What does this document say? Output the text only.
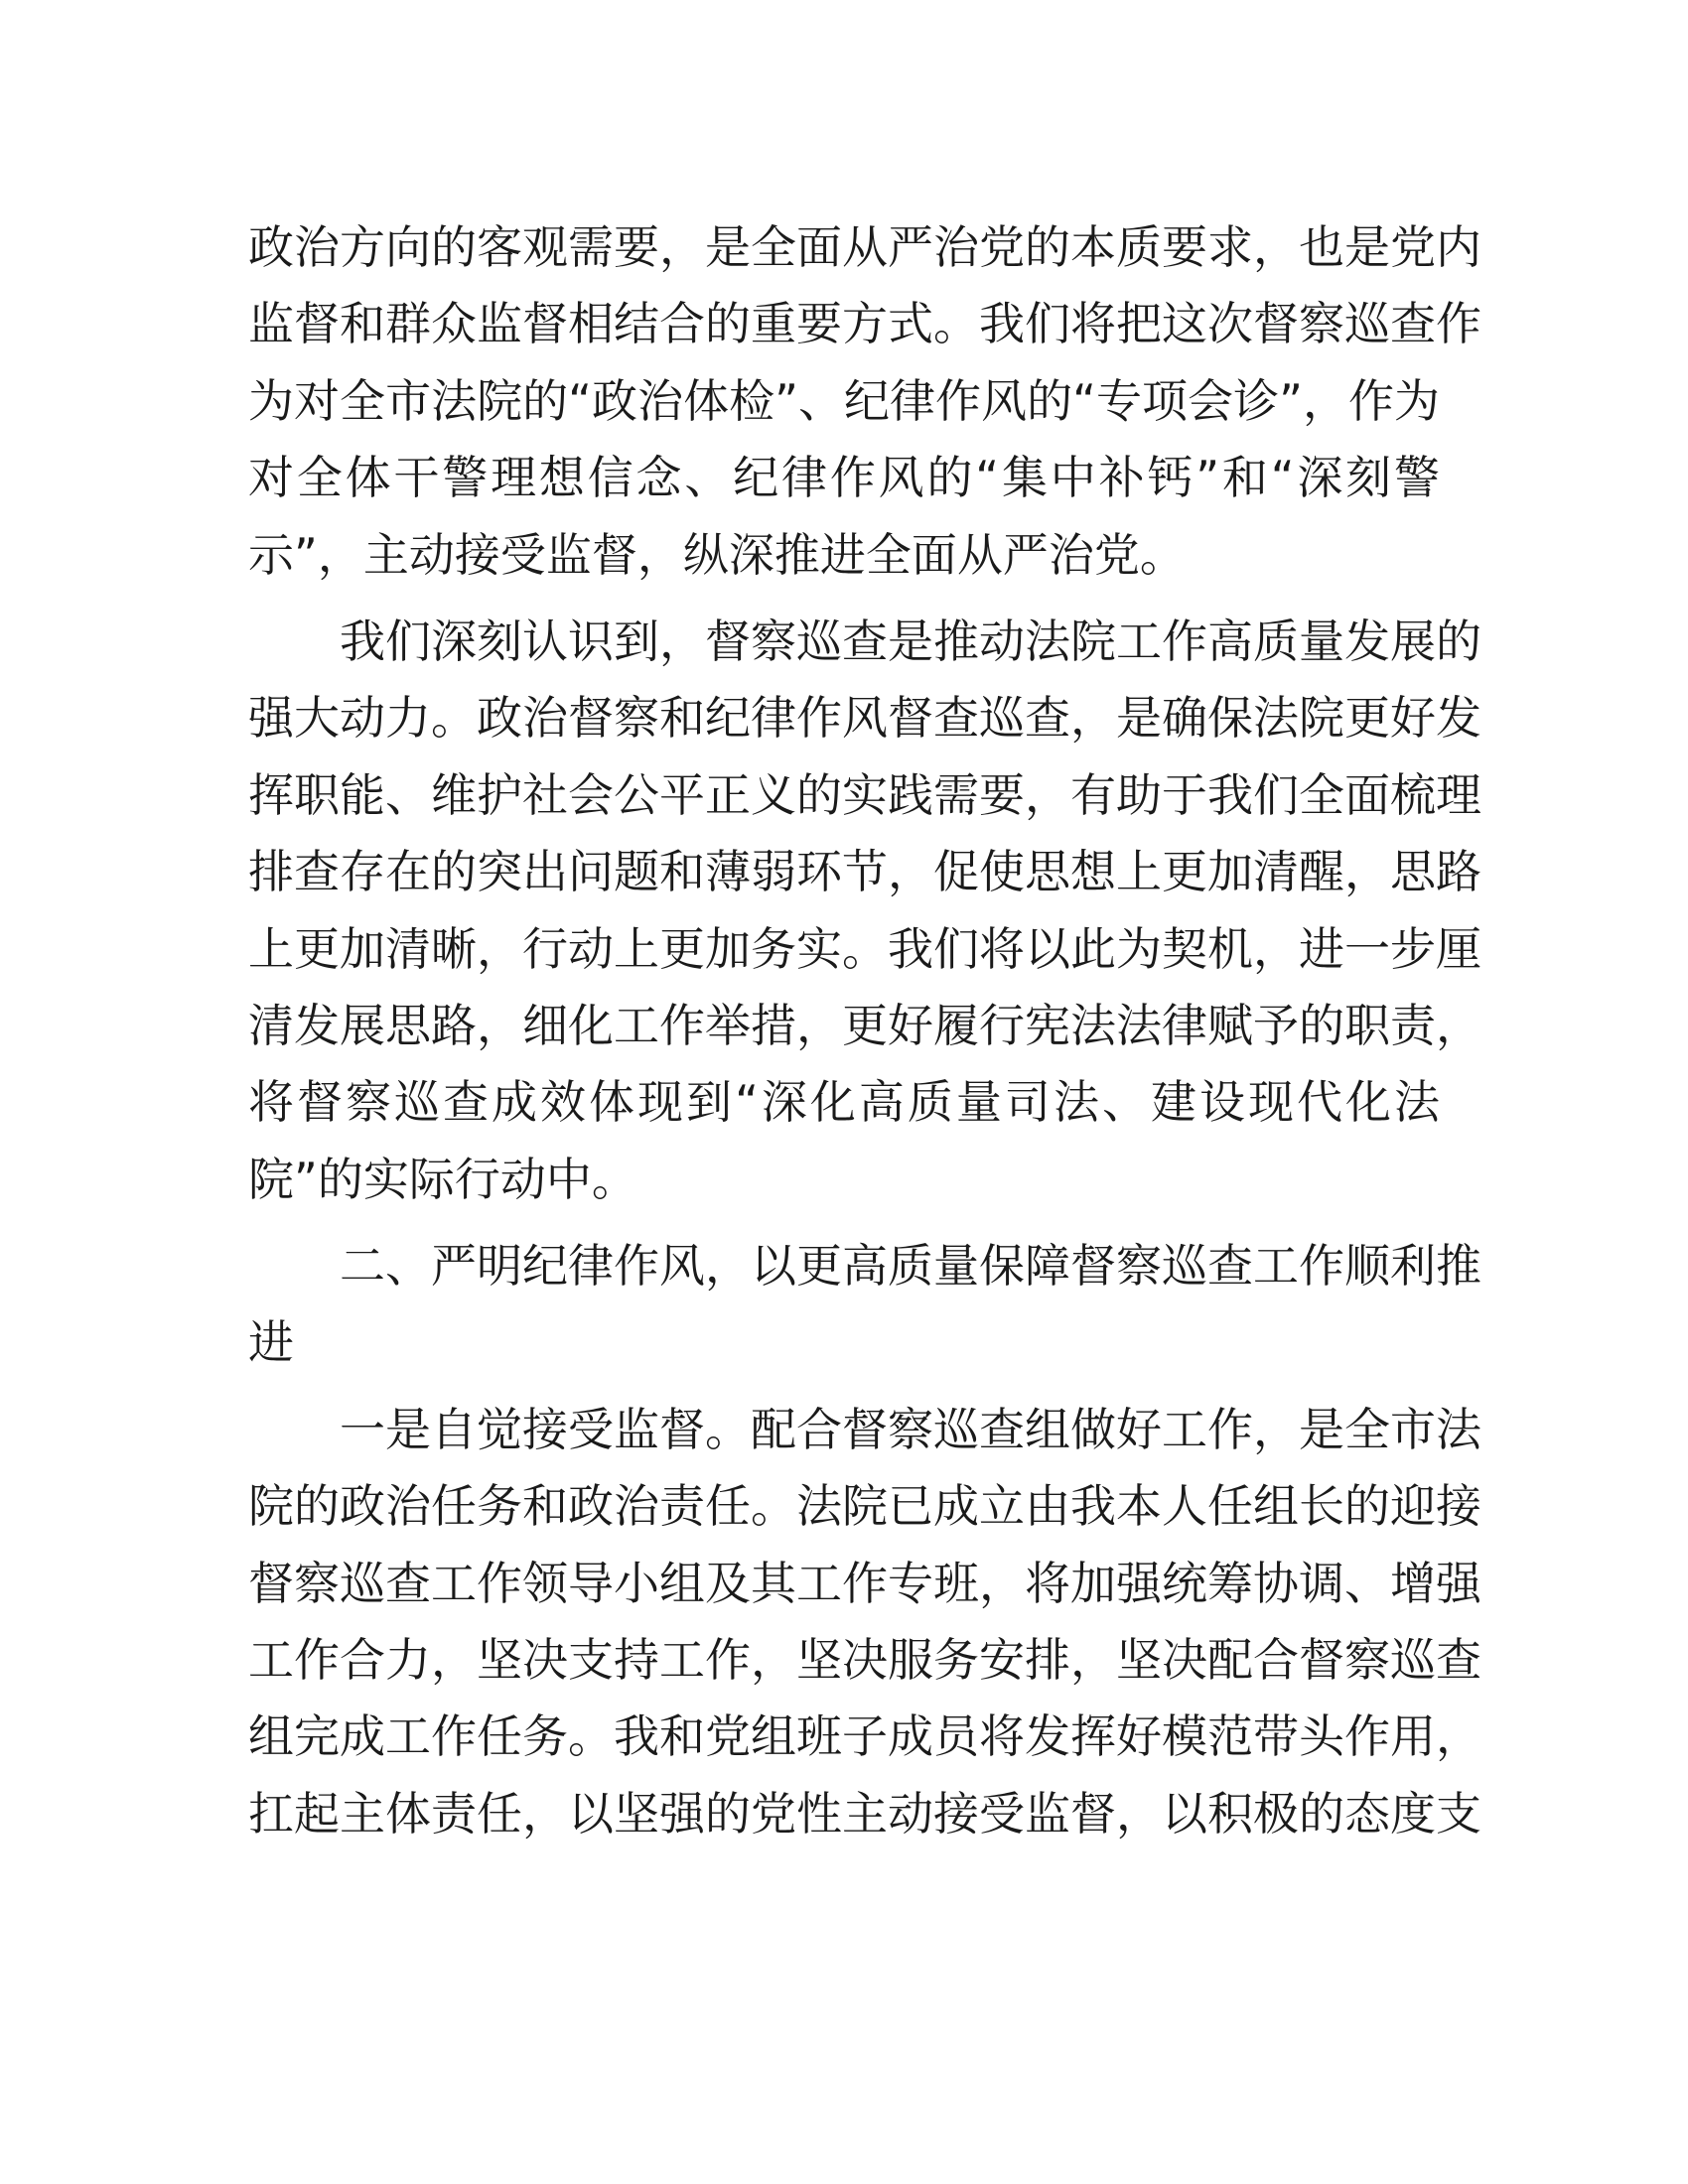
政治方向的客观需要，是全面从严治党的本质要求，也是党内
监督和群众监督相结合的重要方式。我们将把这次督察巡查作
为对全市法院的“政治体检”、纪律作风的“专项会诊”，作为
对全体干警理想信念、纪律作风的“集中补钙”和“深刻警
示”，主动接受监督，纵深推进全面从严治党。
　　我们深刻认识到，督察巡查是推动法院工作高质量发展的
强大动力。政治督察和纪律作风督查巡查，是确保法院更好发
挥职能、维护社会公平正义的实践需要，有助于我们全面梳理
排查存在的突出问题和薄弱环节，促使思想上更加清醒，思路
上更加清晰，行动上更加务实。我们将以此为契机，进一步厘
清发展思路，细化工作举措，更好履行宪法法律赋予的职责，
将督察巡查成效体现到“深化高质量司法、建设现代化法
院”的实际行动中。
　　二、严明纪律作风，以更高质量保障督察巡查工作顺利推
进
　　一是自觉接受监督。配合督察巡查组做好工作，是全市法
院的政治任务和政治责任。法院已成立由我本人任组长的迎接
督察巡查工作领导小组及其工作专班，将加强统筹协调、增强
工作合力，坚决支持工作，坚决服务安排，坚决配合督察巡查
组完成工作任务。我和党组班子成员将发挥好模范带头作用，
扛起主体责任，以坚强的党性主动接受监督，以积极的态度支
